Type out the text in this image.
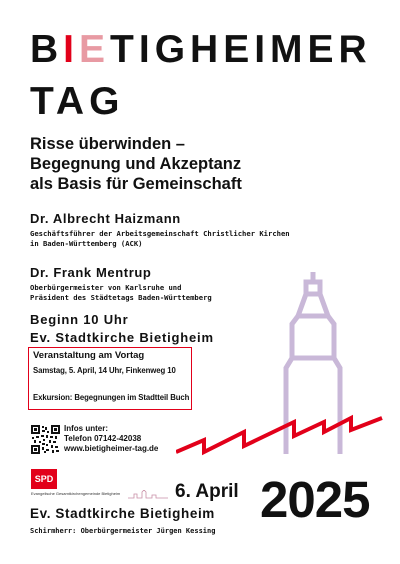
BIETIGHEIMER
TAG
Risse überwinden –
Begegnung und Akzeptanz
als Basis für Gemeinschaft
Dr. Albrecht Haizmann
Geschäftsführer der Arbeitsgemeinschaft Christlicher Kirchen
in Baden-Württemberg (ACK)
Dr. Frank Mentrup
Oberbürgermeister von Karlsruhe und
Präsident des Städtetags Baden-Württemberg
Beginn 10 Uhr
Ev. Stadtkirche Bietigheim
Veranstaltung am Vortag
Samstag, 5. April, 14 Uhr, Finkenweg 10
Exkursion: Begegnungen im Stadtteil Buch
Infos unter:
Telefon 07142-42038
www.bietigheimer-tag.de
SPD
Evangelische Gesamtkirchengemeinde Bietigheim	6. April 2025
Ev. Stadtkirche Bietigheim
Schirmherr: Oberbürgermeister Jürgen Kessing
